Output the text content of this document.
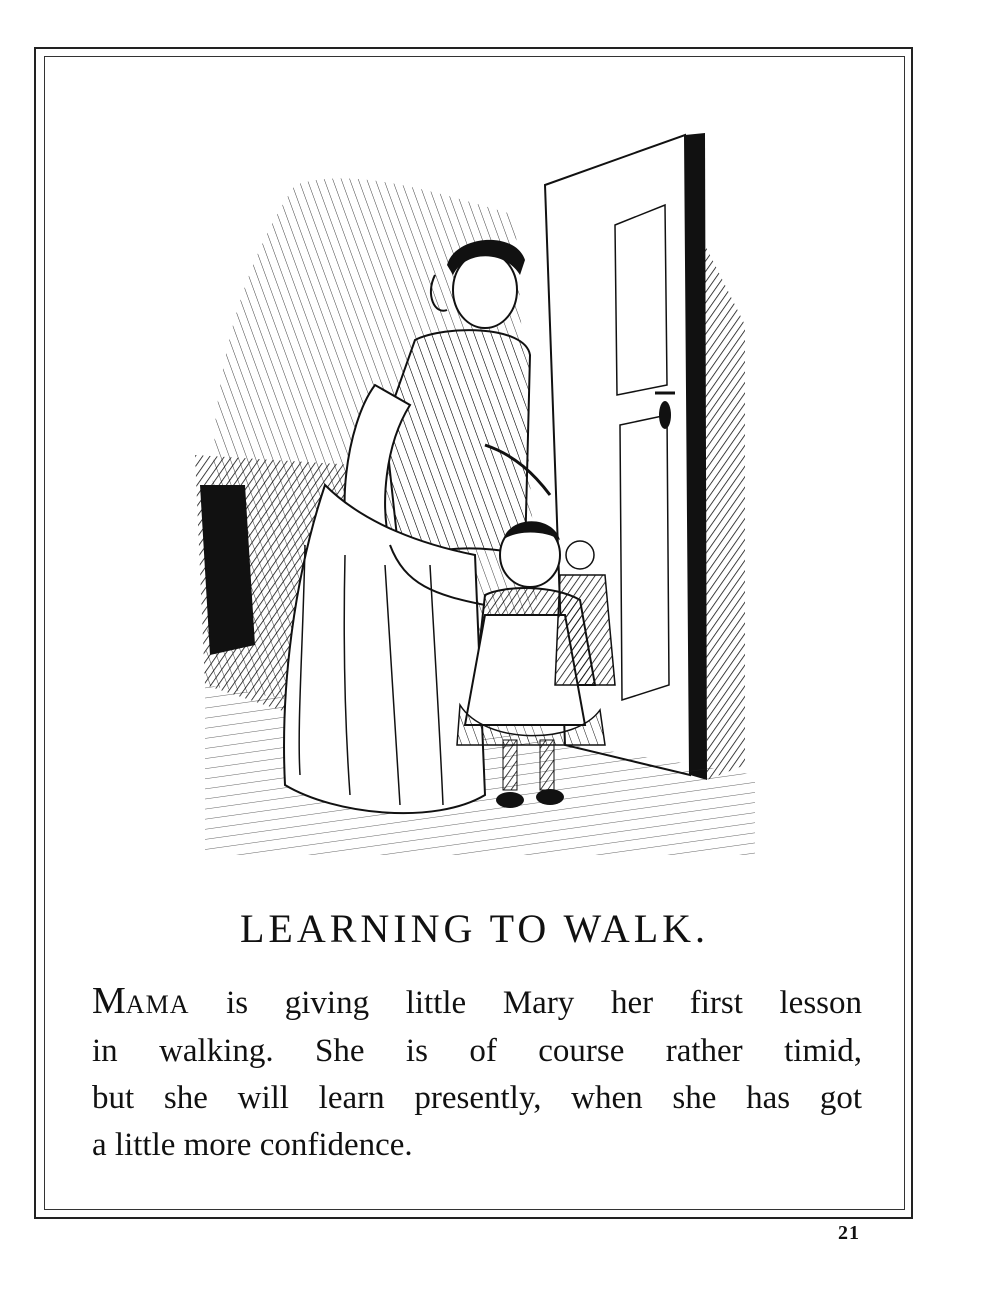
LEARNING TO WALK.

MAMA is giving little Mary her first lesson
in walking. She is of course rather timid,
but she will learn presently, when she has got
a little more confidence.

21
